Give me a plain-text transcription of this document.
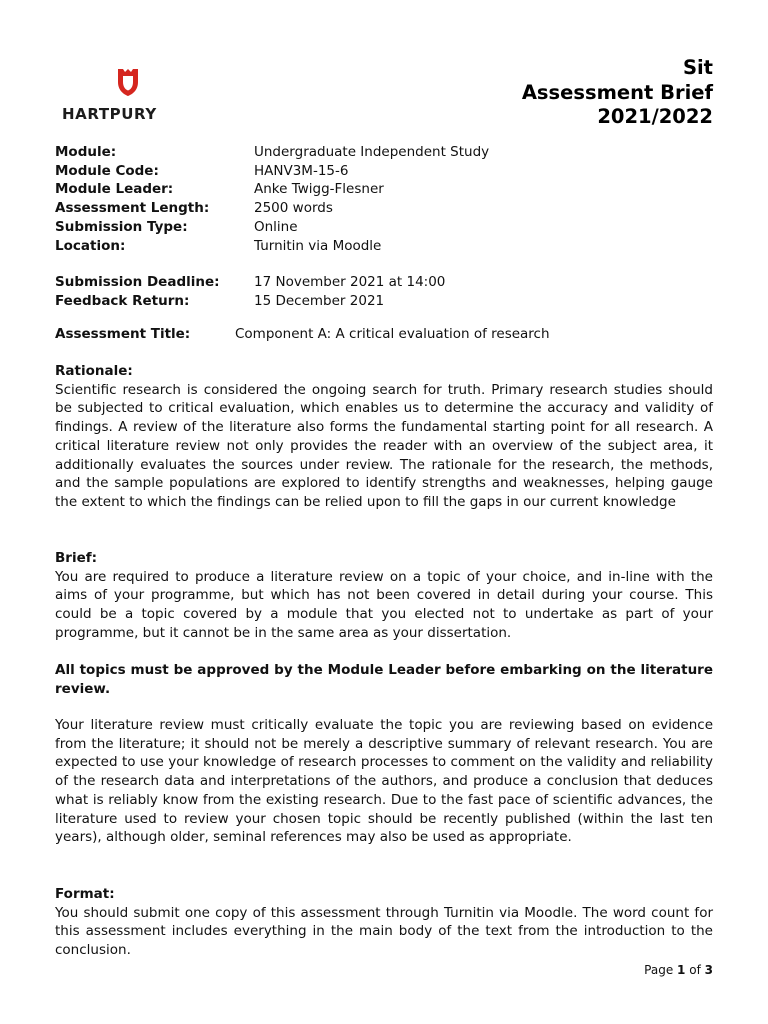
HARTPURY
Sit
Assessment Brief
2021/2022
Module:	Undergraduate Independent Study
Module Code:	HANV3M-15-6
Module Leader:	Anke Twigg-Flesner
Assessment Length:	2500 words
Submission Type:	Online
Location:	Turnitin via Moodle
Submission Deadline:	17 November 2021 at 14:00
Feedback Return:	15 December 2021
Assessment Title:	Component A: A critical evaluation of research
Rationale:

Scientific research is considered the ongoing search for truth. Primary research studies should be subjected to critical evaluation, which enables us to determine the accuracy and validity of findings. A review of the literature also forms the fundamental starting point for all research. A critical literature review not only provides the reader with an overview of the subject area, it additionally evaluates the sources under review. The rationale for the research, the methods, and the sample populations are explored to identify strengths and weaknesses, helping gauge the extent to which the findings can be relied upon to fill the gaps in our current knowledge

Brief:

You are required to produce a literature review on a topic of your choice, and in-line with the aims of your programme, but which has not been covered in detail during your course. This could be a topic covered by a module that you elected not to undertake as part of your programme, but it cannot be in the same area as your dissertation.

All topics must be approved by the Module Leader before embarking on the literature review.

Your literature review must critically evaluate the topic you are reviewing based on evidence from the literature; it should not be merely a descriptive summary of relevant research. You are expected to use your knowledge of research processes to comment on the validity and reliability of the research data and interpretations of the authors, and produce a conclusion that deduces what is reliably know from the existing research. Due to the fast pace of scientific advances, the literature used to review your chosen topic should be recently published (within the last ten years), although older, seminal references may also be used as appropriate.

Format:

You should submit one copy of this assessment through Turnitin via Moodle. The word count for this assessment includes everything in the main body of the text from the introduction to the conclusion.

Page 1 of 3
